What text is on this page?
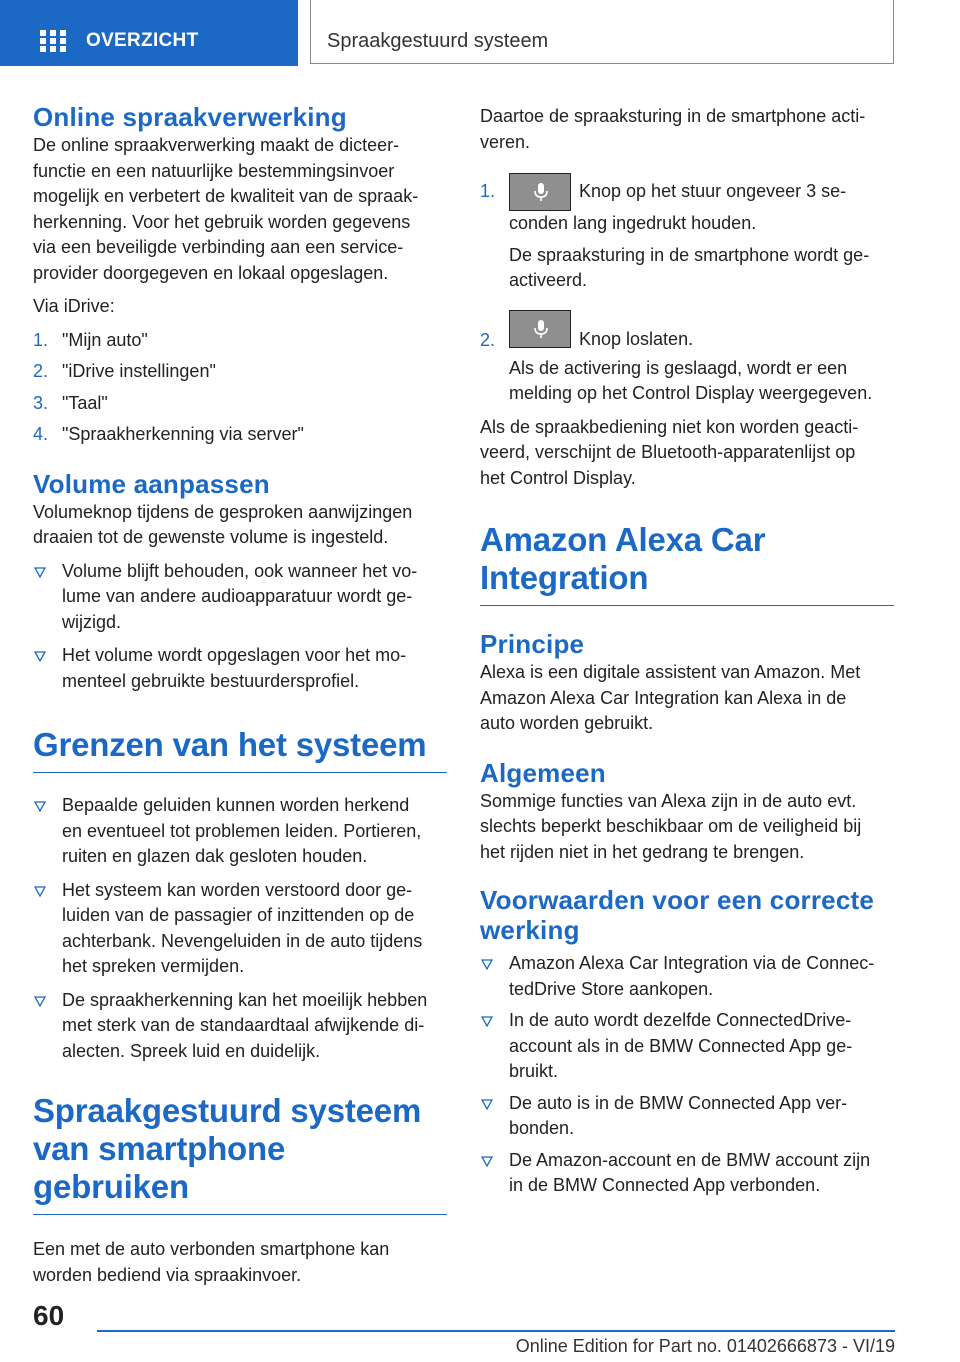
OVERZICHT	Spraakgestuurd systeem
Online spraakverwerking

De online spraakverwerking maakt de dicteer-
functie en een natuurlijke bestemmingsinvoer
mogelijk en verbetert de kwaliteit van de spraak-
herkenning. Voor het gebruik worden gegevens
via een beveiligde verbinding aan een service-
provider doorgegeven en lokaal opgeslagen.

Via iDrive:

1. "Mijn auto"
2. "iDrive instellingen"
3. "Taal"
4. "Spraakherkenning via server"
Volume aanpassen

Volumeknop tijdens de gesproken aanwijzingen
draaien tot de gewenste volume is ingesteld.

Volume blijft behouden, ook wanneer het vo-
lume van andere audioapparatuur wordt ge-
wijzigd.
Het volume wordt opgeslagen voor het mo-
menteel gebruikte bestuurdersprofiel.
Grenzen van het systeem
Bepaalde geluiden kunnen worden herkend
en eventueel tot problemen leiden. Portieren,
ruiten en glazen dak gesloten houden.
Het systeem kan worden verstoord door ge-
luiden van de passagier of inzittenden op de
achterbank. Nevengeluiden in de auto tijdens
het spreken vermijden.
De spraakherkenning kan het moeilijk hebben
met sterk van de standaardtaal afwijkende di-
alecten. Spreek luid en duidelijk.
Spraakgestuurd systeem
van smartphone gebruiken

Een met de auto verbonden smartphone kan
worden bediend via spraakinvoer.

Daartoe de spraaksturing in de smartphone acti-
veren.

1.	Knop op het stuur ongeveer 3 se-
conden lang ingedrukt houden.
De spraaksturing in de smartphone wordt ge-
activeerd.
2.	Knop loslaten.
Als de activering is geslaagd, wordt er een
melding op het Control Display weergegeven.

Als de spraakbediening niet kon worden geacti-
veerd, verschijnt de Bluetooth-apparatenlijst op
het Control Display.

Amazon Alexa Car
Integration
Principe

Alexa is een digitale assistent van Amazon. Met
Amazon Alexa Car Integration kan Alexa in de
auto worden gebruikt.

Algemeen

Sommige functies van Alexa zijn in de auto evt.
slechts beperkt beschikbaar om de veiligheid bij
het rijden niet in het gedrang te brengen.

Voorwaarden voor een correcte
werking
Amazon Alexa Car Integration via de Connec-
tedDrive Store aankopen.
In de auto wordt dezelfde ConnectedDrive-
account als in de BMW Connected App ge-
bruikt.
De auto is in de BMW Connected App ver-
bonden.
De Amazon-account en de BMW account zijn
in de BMW Connected App verbonden.
60
Online Edition for Part no. 01402666873 - VI/19
